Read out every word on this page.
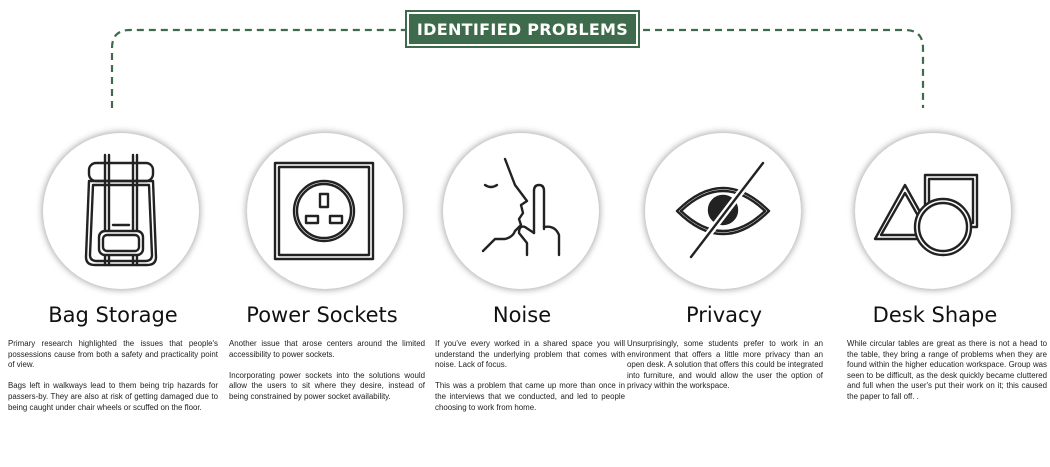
IDENTIFIED PROBLEMS
Bag Storage

Primary research highlighted the issues that people's possessions cause from both a safety and practicality point of view.

Bags left in walkways lead to them being trip hazards for passers-by. They are also at risk of getting damaged due to being caught under chair wheels or scuffed on the floor.

Power Sockets

Another issue that arose centers around the limited accessibility to power sockets.

Incorporating power sockets into the solutions would allow the users to sit where they desire, instead of being constrained by power socket availability.

Noise

If you've every worked in a shared space you will understand the underlying problem that comes with noise. Lack of focus.

This was a problem that came up more than once in the interviews that we conducted, and led to people choosing to work from home.

Privacy

Unsurprisingly, some students prefer to work in an environment that offers a little more privacy than an open desk. A solution that offers this could be integrated into furniture, and would allow the user the option of privacy within the workspace.

Desk Shape

While circular tables are great as there is not a head to the table, they bring a range of problems when they are found within the higher education workspace. Group was seen to be difficult, as the desk quickly became cluttered and full when the user's put their work on it; this caused the paper to fall off. .
